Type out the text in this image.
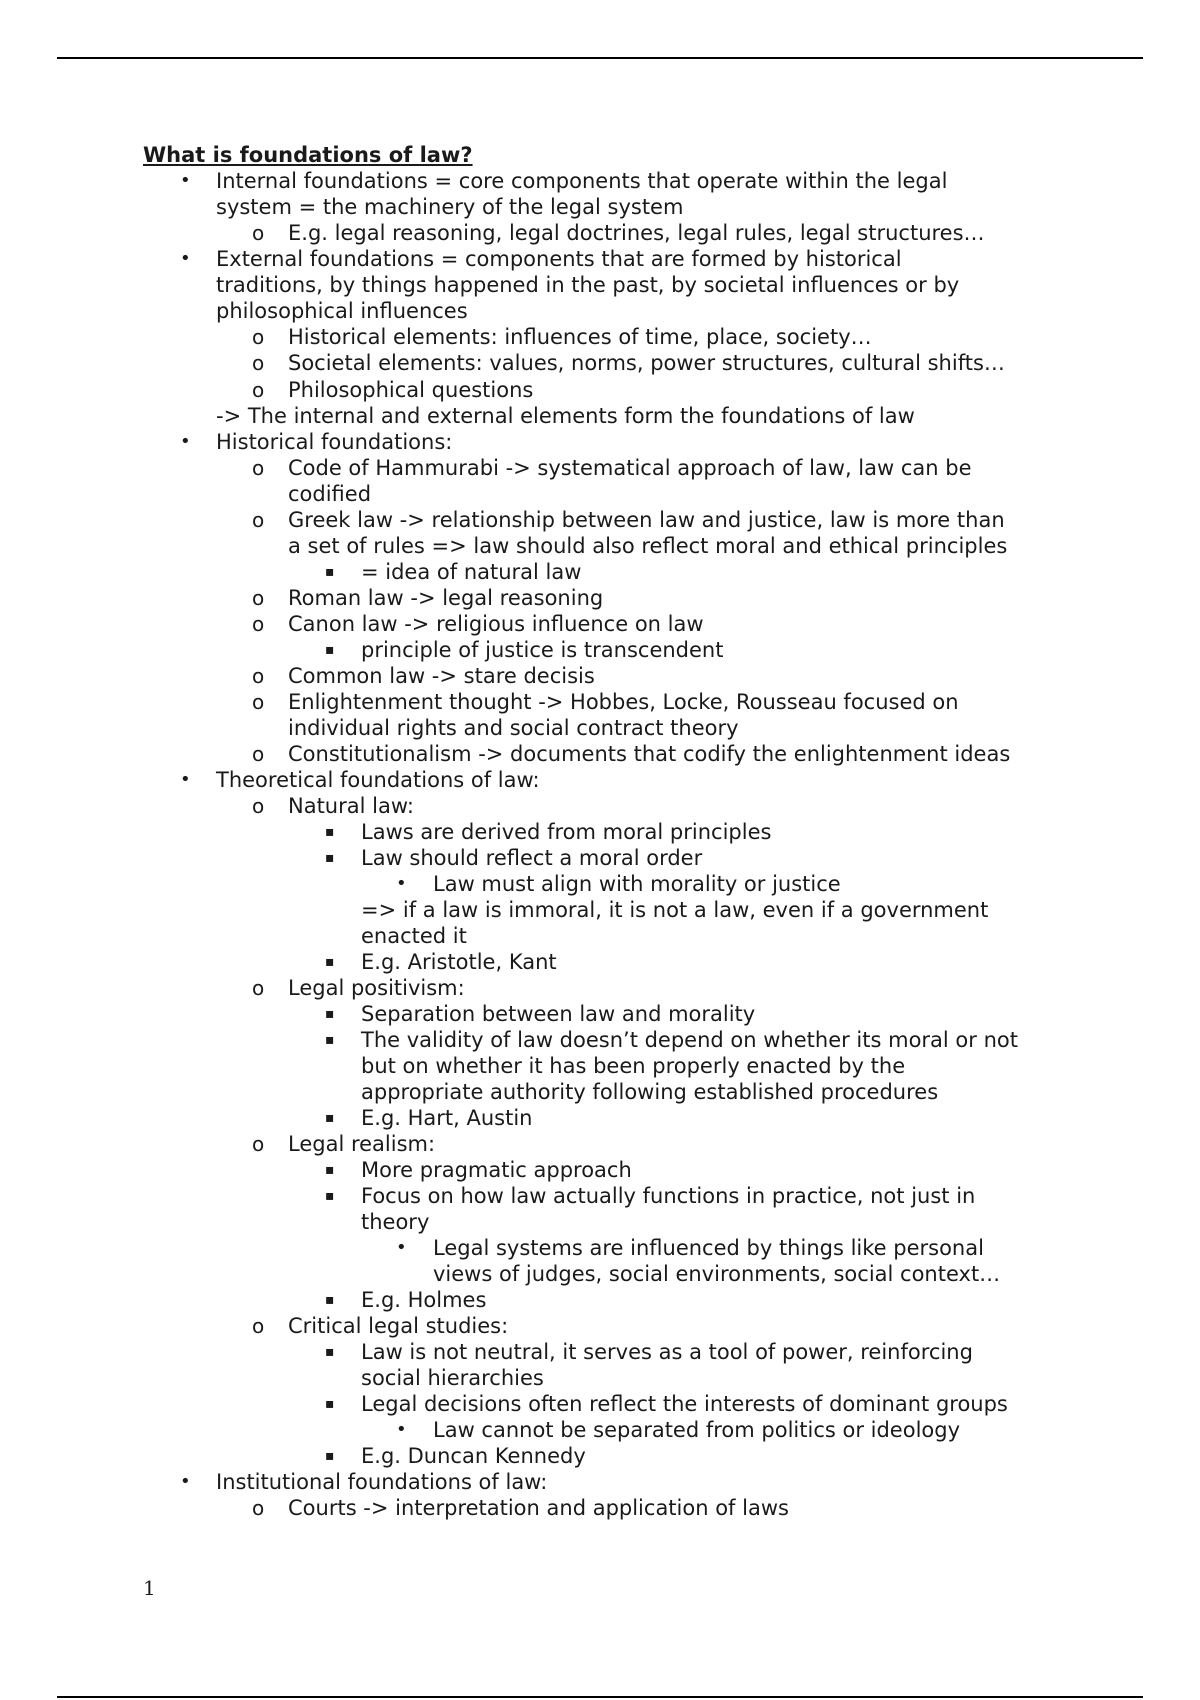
What is foundations of law?
• Internal foundations = core components that operate within the legal
system = the machinery of the legal system
o E.g. legal reasoning, legal doctrines, legal rules, legal structures…
• External foundations = components that are formed by historical
traditions, by things happened in the past, by societal influences or by
philosophical influences
o Historical elements: influences of time, place, society…
o Societal elements: values, norms, power structures, cultural shifts…
o Philosophical questions
-> The internal and external elements form the foundations of law
• Historical foundations:
o Code of Hammurabi -> systematical approach of law, law can be
codified
o Greek law -> relationship between law and justice, law is more than
a set of rules => law should also reflect moral and ethical principles
▪ = idea of natural law
o Roman law -> legal reasoning
o Canon law -> religious influence on law
▪ principle of justice is transcendent
o Common law -> stare decisis
o Enlightenment thought -> Hobbes, Locke, Rousseau focused on
individual rights and social contract theory
o Constitutionalism -> documents that codify the enlightenment ideas
• Theoretical foundations of law:
o Natural law:
▪ Laws are derived from moral principles
▪ Law should reflect a moral order
• Law must align with morality or justice
=> if a law is immoral, it is not a law, even if a government
enacted it
▪ E.g. Aristotle, Kant
o Legal positivism:
▪ Separation between law and morality
▪ The validity of law doesn’t depend on whether its moral or not
but on whether it has been properly enacted by the
appropriate authority following established procedures
▪ E.g. Hart, Austin
o Legal realism:
▪ More pragmatic approach
▪ Focus on how law actually functions in practice, not just in
theory
• Legal systems are influenced by things like personal
views of judges, social environments, social context…
▪ E.g. Holmes
o Critical legal studies:
▪ Law is not neutral, it serves as a tool of power, reinforcing
social hierarchies
▪ Legal decisions often reflect the interests of dominant groups
• Law cannot be separated from politics or ideology
▪ E.g. Duncan Kennedy
• Institutional foundations of law:
o Courts -> interpretation and application of laws
1
